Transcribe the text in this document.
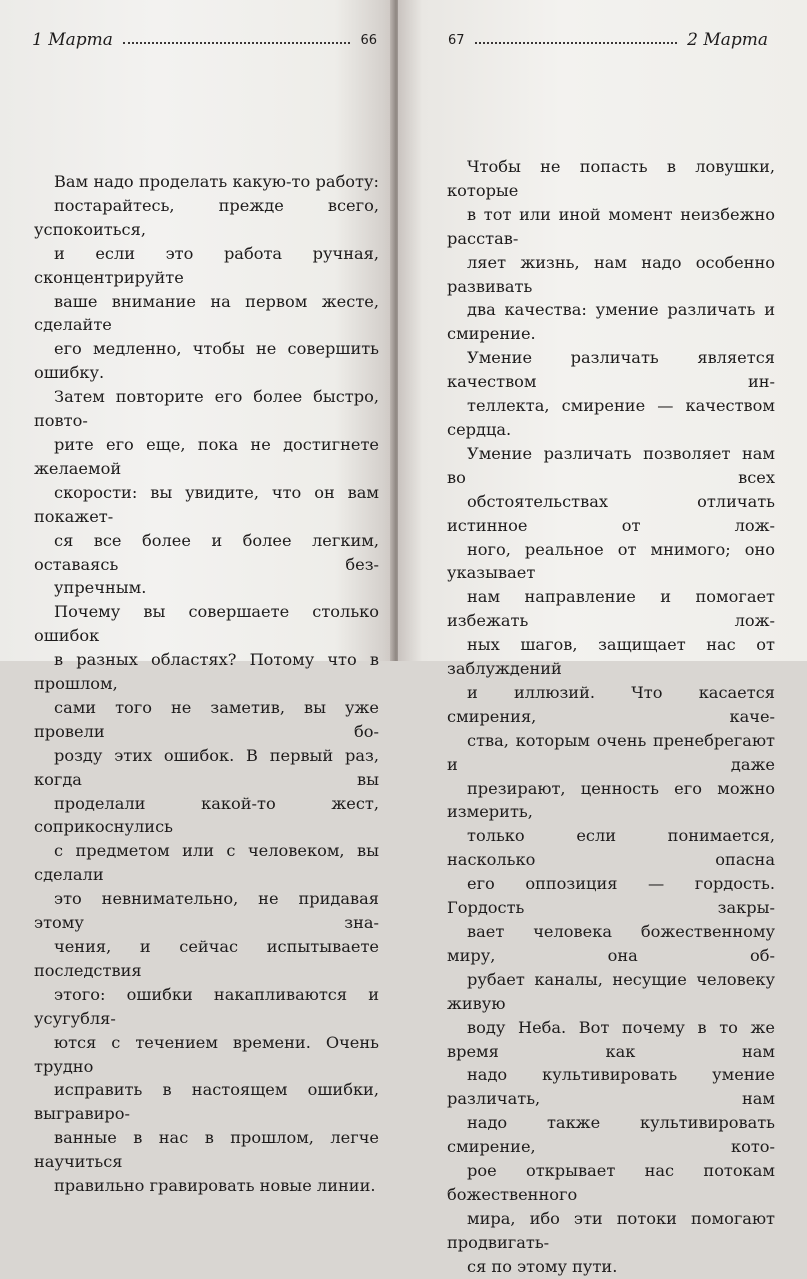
1 Марта	66

Вам надо проделать какую-то работу:
постарайтесь, прежде всего, успокоиться,
и если это работа ручная, сконцентрируйте
ваше внимание на первом жесте, сделайте
его медленно, чтобы не совершить ошибку.
Затем повторите его более быстро, повто-
рите его еще, пока не достигнете желаемой
скорости: вы увидите, что он вам покажет-
ся все более и более легким, оставаясь без-
упречным.

Почему вы совершаете столько ошибок
в разных областях? Потому что в прошлом,
сами того не заметив, вы уже провели бо-
розду этих ошибок. В первый раз, когда вы
проделали какой-то жест, соприкоснулись
с предметом или с человеком, вы сделали
это невнимательно, не придавая этому зна-
чения, и сейчас испытываете последствия
этого: ошибки накапливаются и усугубля-
ются с течением времени. Очень трудно
исправить в настоящем ошибки, выгравиро-
ванные в нас в прошлом, легче научиться
правильно гравировать новые линии.

67	2 Марта

Чтобы не попасть в ловушки, которые
в тот или иной момент неизбежно расстав-
ляет жизнь, нам надо особенно развивать
два качества: умение различать и смирение.
Умение различать является качеством ин-
теллекта, смирение — качеством сердца.

Умение различать позволяет нам во всех
обстоятельствах отличать истинное от лож-
ного, реальное от мнимого; оно указывает
нам направление и помогает избежать лож-
ных шагов, защищает нас от заблуждений
и иллюзий. Что касается смирения, каче-
ства, которым очень пренебрегают и даже
презирают, ценность его можно измерить,
только если понимается, насколько опасна
его оппозиция — гордость. Гордость закры-
вает человека божественному миру, она об-
рубает каналы, несущие человеку живую
воду Неба. Вот почему в то же время как нам
надо культивировать умение различать, нам
надо также культивировать смирение, кото-
рое открывает нас потокам божественного
мира, ибо эти потоки помогают продвигать-
ся по этому пути.
